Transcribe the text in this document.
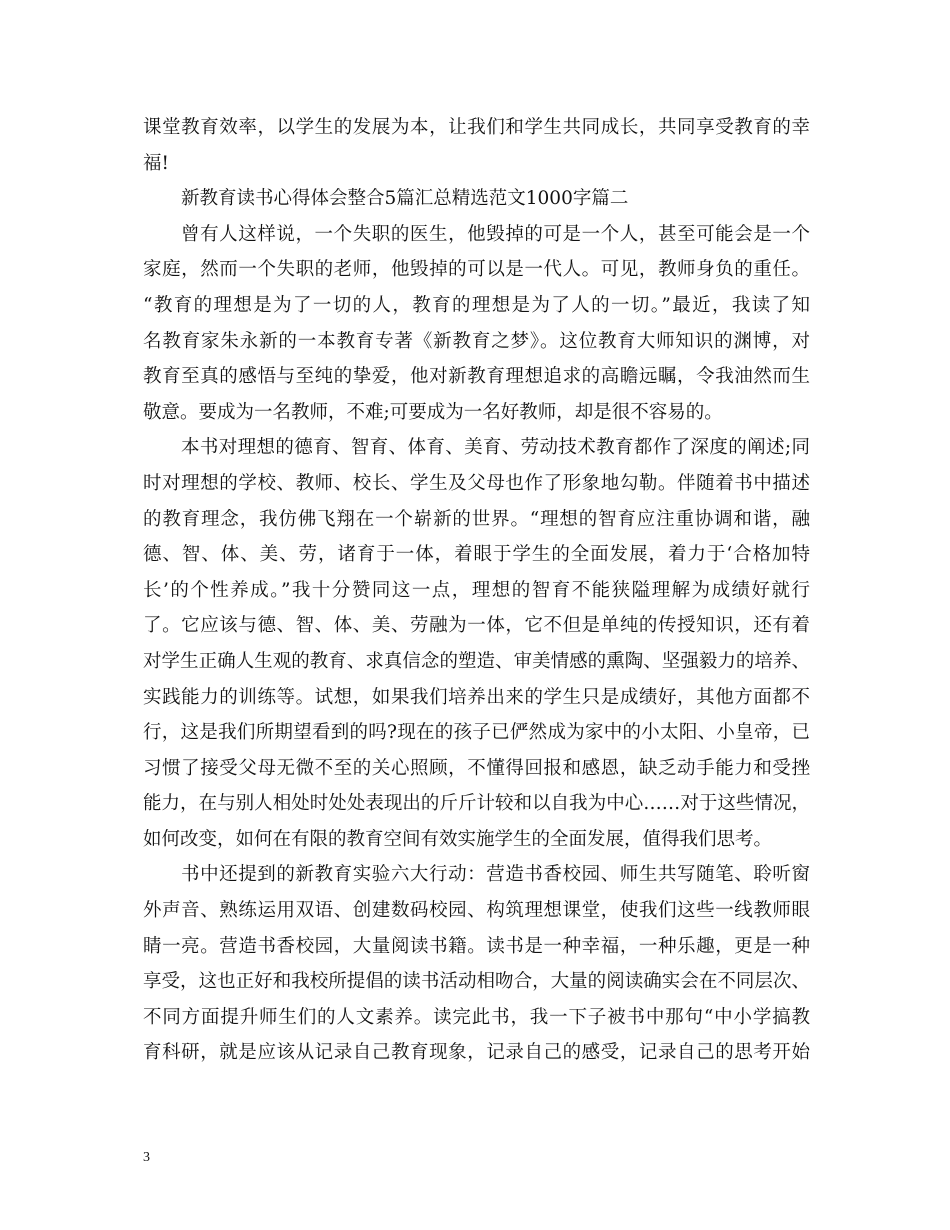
课堂教育效率，以学生的发展为本，让我们和学生共同成长，共同享受教育的幸
福!
新教育读书心得体会整合5篇汇总精选范文1000字篇二
曾有人这样说，一个失职的医生，他毁掉的可是一个人，甚至可能会是一个
家庭，然而一个失职的老师，他毁掉的可以是一代人。可见，教师身负的重任。
“教育的理想是为了一切的人，教育的理想是为了人的一切。”最近，我读了知
名教育家朱永新的一本教育专著《新教育之梦》。这位教育大师知识的渊博，对
教育至真的感悟与至纯的挚爱，他对新教育理想追求的高瞻远瞩，令我油然而生
敬意。要成为一名教师，不难;可要成为一名好教师，却是很不容易的。
本书对理想的德育、智育、体育、美育、劳动技术教育都作了深度的阐述;同
时对理想的学校、教师、校长、学生及父母也作了形象地勾勒。伴随着书中描述
的教育理念，我仿佛飞翔在一个崭新的世界。“理想的智育应注重协调和谐，融
德、智、体、美、劳，诸育于一体，着眼于学生的全面发展，着力于‘合格加特
长’的个性养成。”我十分赞同这一点，理想的智育不能狭隘理解为成绩好就行
了。它应该与德、智、体、美、劳融为一体，它不但是单纯的传授知识，还有着
对学生正确人生观的教育、求真信念的塑造、审美情感的熏陶、坚强毅力的培养、
实践能力的训练等。试想，如果我们培养出来的学生只是成绩好，其他方面都不
行，这是我们所期望看到的吗?现在的孩子已俨然成为家中的小太阳、小皇帝，已
习惯了接受父母无微不至的关心照顾，不懂得回报和感恩，缺乏动手能力和受挫
能力，在与别人相处时处处表现出的斤斤计较和以自我为中心……对于这些情况，
如何改变，如何在有限的教育空间有效实施学生的全面发展，值得我们思考。
书中还提到的新教育实验六大行动：营造书香校园、师生共写随笔、聆听窗
外声音、熟练运用双语、创建数码校园、构筑理想课堂，使我们这些一线教师眼
睛一亮。营造书香校园，大量阅读书籍。读书是一种幸福，一种乐趣，更是一种
享受，这也正好和我校所提倡的读书活动相吻合，大量的阅读确实会在不同层次、
不同方面提升师生们的人文素养。读完此书，我一下子被书中那句“中小学搞教
育科研，就是应该从记录自己教育现象，记录自己的感受，记录自己的思考开始
3
